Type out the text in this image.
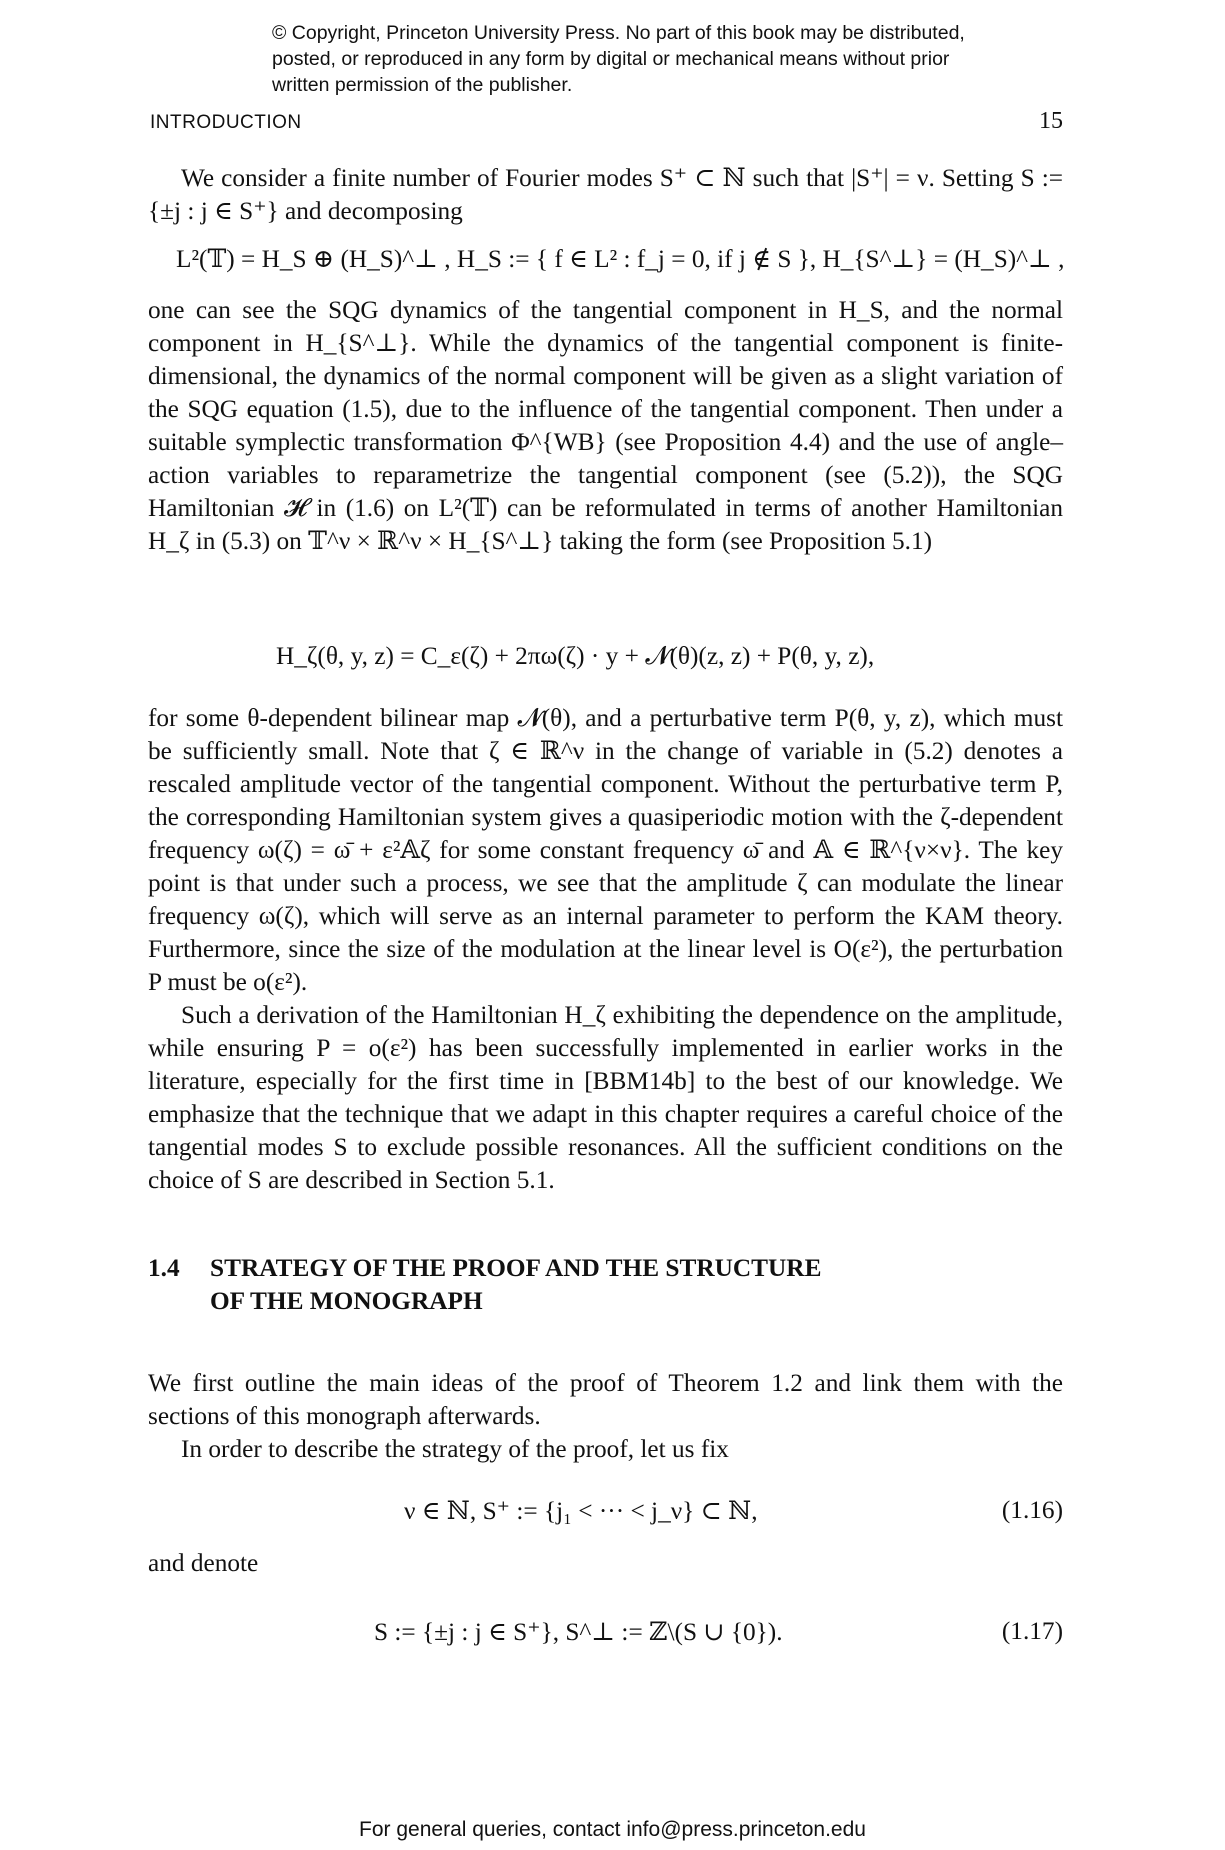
© Copyright, Princeton University Press. No part of this book may be distributed, posted, or reproduced in any form by digital or mechanical means without prior written permission of the publisher.
INTRODUCTION	15

We consider a finite number of Fourier modes S⁺ ⊂ ℕ such that |S⁺| = ν. Setting S := {±j : j ∈ S⁺} and decomposing

L²(𝕋) = H_S ⊕ (H_S)^⊥ , H_S := { f ∈ L² : f_j = 0, if j ∉ S }, H_{S^⊥} = (H_S)^⊥ ,

one can see the SQG dynamics of the tangential component in H_S, and the normal component in H_{S^⊥}. While the dynamics of the tangential component is finite-dimensional, the dynamics of the normal component will be given as a slight variation of the SQG equation (1.5), due to the influence of the tangential component. Then under a suitable symplectic transformation Φ^{WB} (see Proposition 4.4) and the use of angle–action variables to reparametrize the tangential component (see (5.2)), the SQG Hamiltonian 𝓗 in (1.6) on L²(𝕋) can be reformulated in terms of another Hamiltonian H_ζ in (5.3) on 𝕋^ν × ℝ^ν × H_{S^⊥} taking the form (see Proposition 5.1)

H_ζ(θ, y, z) = C_ε(ζ) + 2πω(ζ) · y + 𝓝(θ)(z, z) + P(θ, y, z),

for some θ-dependent bilinear map 𝓝(θ), and a perturbative term P(θ, y, z), which must be sufficiently small. Note that ζ ∈ ℝ^ν in the change of variable in (5.2) denotes a rescaled amplitude vector of the tangential component. Without the perturbative term P, the corresponding Hamiltonian system gives a quasiperiodic motion with the ζ-dependent frequency ω(ζ) = ω̄ + ε²𝔸ζ for some constant frequency ω̄ and 𝔸 ∈ ℝ^{ν×ν}. The key point is that under such a process, we see that the amplitude ζ can modulate the linear frequency ω(ζ), which will serve as an internal parameter to perform the KAM theory. Furthermore, since the size of the modulation at the linear level is O(ε²), the perturbation P must be o(ε²).

Such a derivation of the Hamiltonian H_ζ exhibiting the dependence on the amplitude, while ensuring P = o(ε²) has been successfully implemented in earlier works in the literature, especially for the first time in [BBM14b] to the best of our knowledge. We emphasize that the technique that we adapt in this chapter requires a careful choice of the tangential modes S to exclude possible resonances. All the sufficient conditions on the choice of S are described in Section 5.1.

1.4 STRATEGY OF THE PROOF AND THE STRUCTURE
OF THE MONOGRAPH

We first outline the main ideas of the proof of Theorem 1.2 and link them with the sections of this monograph afterwards.

In order to describe the strategy of the proof, let us fix

ν ∈ ℕ, S⁺ := {j₁ < ··· < j_ν} ⊂ ℕ,	(1.16)

and denote

S := {±j : j ∈ S⁺}, S^⊥ := ℤ\(S ∪ {0}).	(1.17)
For general queries, contact info@press.princeton.edu
